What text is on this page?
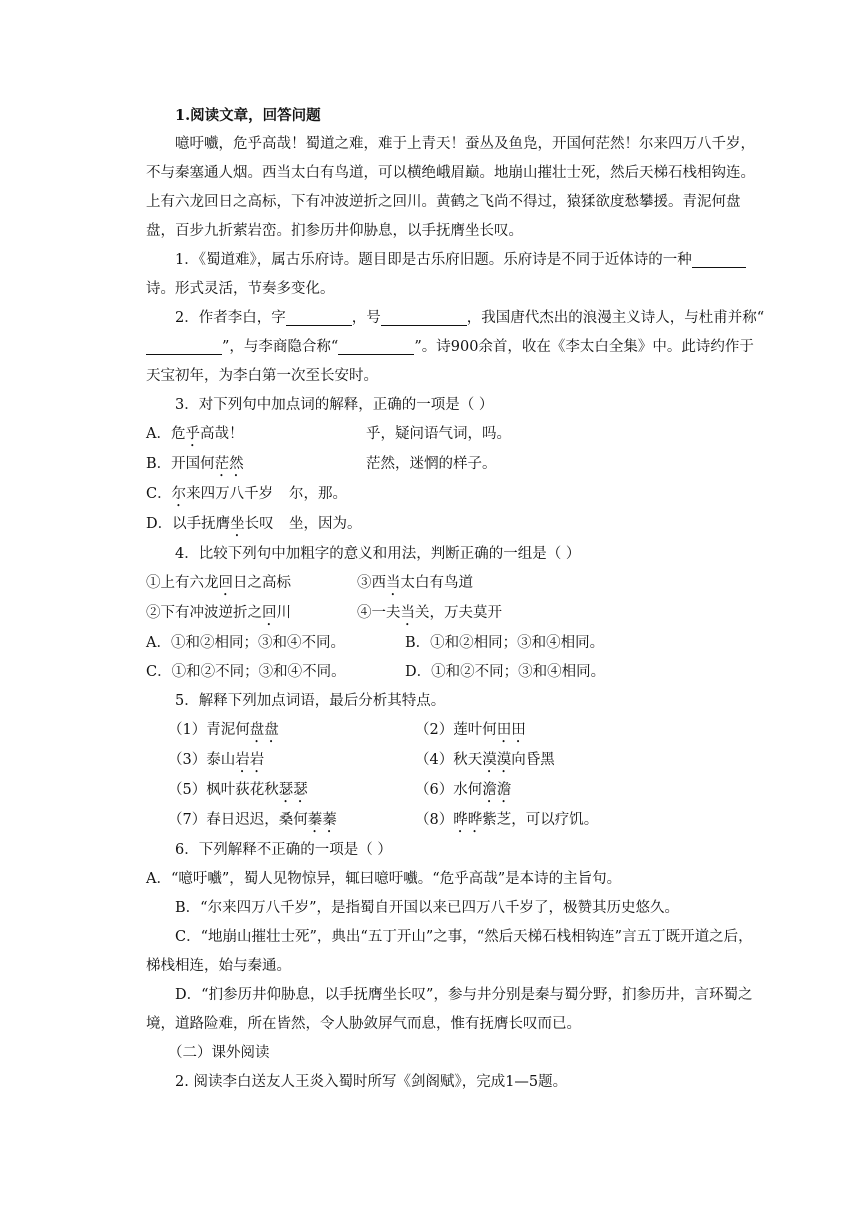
1.阅读文章，回答问题

噫吁嚱，危乎高哉！蜀道之难，难于上青天！蚕丛及鱼凫，开国何茫然！尔来四万八千岁，不与秦塞通人烟。西当太白有鸟道，可以横绝峨眉巅。地崩山摧壮士死，然后天梯石栈相钩连。上有六龙回日之高标，下有冲波逆折之回川。黄鹤之飞尚不得过，猿猱欲度愁攀援。青泥何盘盘，百步九折萦岩峦。扪参历井仰胁息，以手抚膺坐长叹。

1．《蜀道难》，属古乐府诗。题目即是古乐府旧题。乐府诗是不同于近体诗的一种诗。形式灵活，节奏多变化。

2．作者李白，字	，号	，我国唐代杰出的浪漫主义诗人，与杜甫并称“”，与李商隐合称“	”。诗900余首，收在《李太白全集》中。此诗约作于天宝初年，为李白第一次至长安时。

3．对下列句中加点词的解释，正确的一项是（ ）

A．危乎高哉！	乎，疑问语气词，吗。
B．开国何茫然	茫然，迷惘的样子。
C．尔来四万八千岁	尔，那。
D．以手抚膺坐长叹	坐，因为。

4．比较下列句中加粗字的意义和用法，判断正确的一组是（ ）

①上有六龙回日之高标	③西当太白有鸟道
②下有冲波逆折之回川	④一夫当关，万夫莫开
A．①和②相同；③和④不同。	B．①和②相同；③和④相同。
C．①和②不同；③和④不同。	D．①和②不同；③和④相同。

5．解释下列加点词语，最后分析其特点。

（1）青泥何盘盘	（2）莲叶何田田
（3）泰山岩岩	（4）秋天漠漠向昏黑
（5）枫叶荻花秋瑟瑟	（6）水何澹澹
（7）春日迟迟，桑何蓁蓁	（8）晔晔紫芝，可以疗饥。

6．下列解释不正确的一项是（ ）

A．“噫吁嚱”，蜀人见物惊异，辄曰噫吁嚱。“危乎高哉”是本诗的主旨句。

B．“尔来四万八千岁”，是指蜀自开国以来已四万八千岁了，极赞其历史悠久。

C．“地崩山摧壮士死”，典出“五丁开山”之事，“然后天梯石栈相钩连”言五丁既开道之后，梯栈相连，始与秦通。

D．“扪参历井仰胁息，以手抚膺坐长叹”，参与井分别是秦与蜀分野，扪参历井，言环蜀之境，道路险难，所在皆然，令人胁敛屏气而息，惟有抚膺长叹而已。

（二）课外阅读

2. 阅读李白送友人王炎入蜀时所写《剑阁赋》，完成1—5题。
